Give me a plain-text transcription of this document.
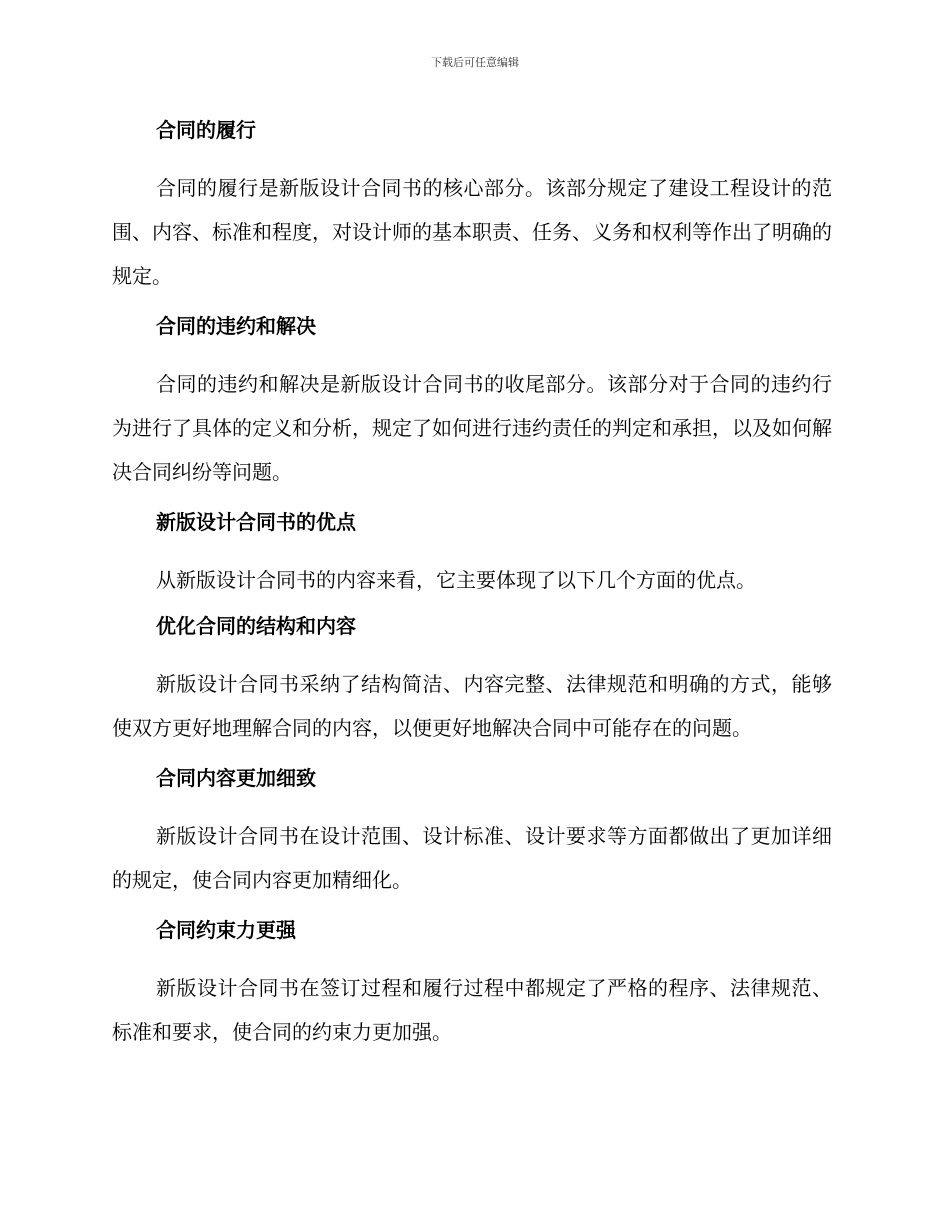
下载后可任意编辑
合同的履行

合同的履行是新版设计合同书的核心部分。该部分规定了建设工程设计的范围、内容、标准和程度，对设计师的基本职责、任务、义务和权利等作出了明确的规定。

合同的违约和解决

合同的违约和解决是新版设计合同书的收尾部分。该部分对于合同的违约行为进行了具体的定义和分析，规定了如何进行违约责任的判定和承担，以及如何解决合同纠纷等问题。

新版设计合同书的优点

从新版设计合同书的内容来看，它主要体现了以下几个方面的优点。

优化合同的结构和内容

新版设计合同书采纳了结构简洁、内容完整、法律规范和明确的方式，能够使双方更好地理解合同的内容，以便更好地解决合同中可能存在的问题。

合同内容更加细致

新版设计合同书在设计范围、设计标准、设计要求等方面都做出了更加详细的规定，使合同内容更加精细化。

合同约束力更强

新版设计合同书在签订过程和履行过程中都规定了严格的程序、法律规范、标准和要求，使合同的约束力更加强。
